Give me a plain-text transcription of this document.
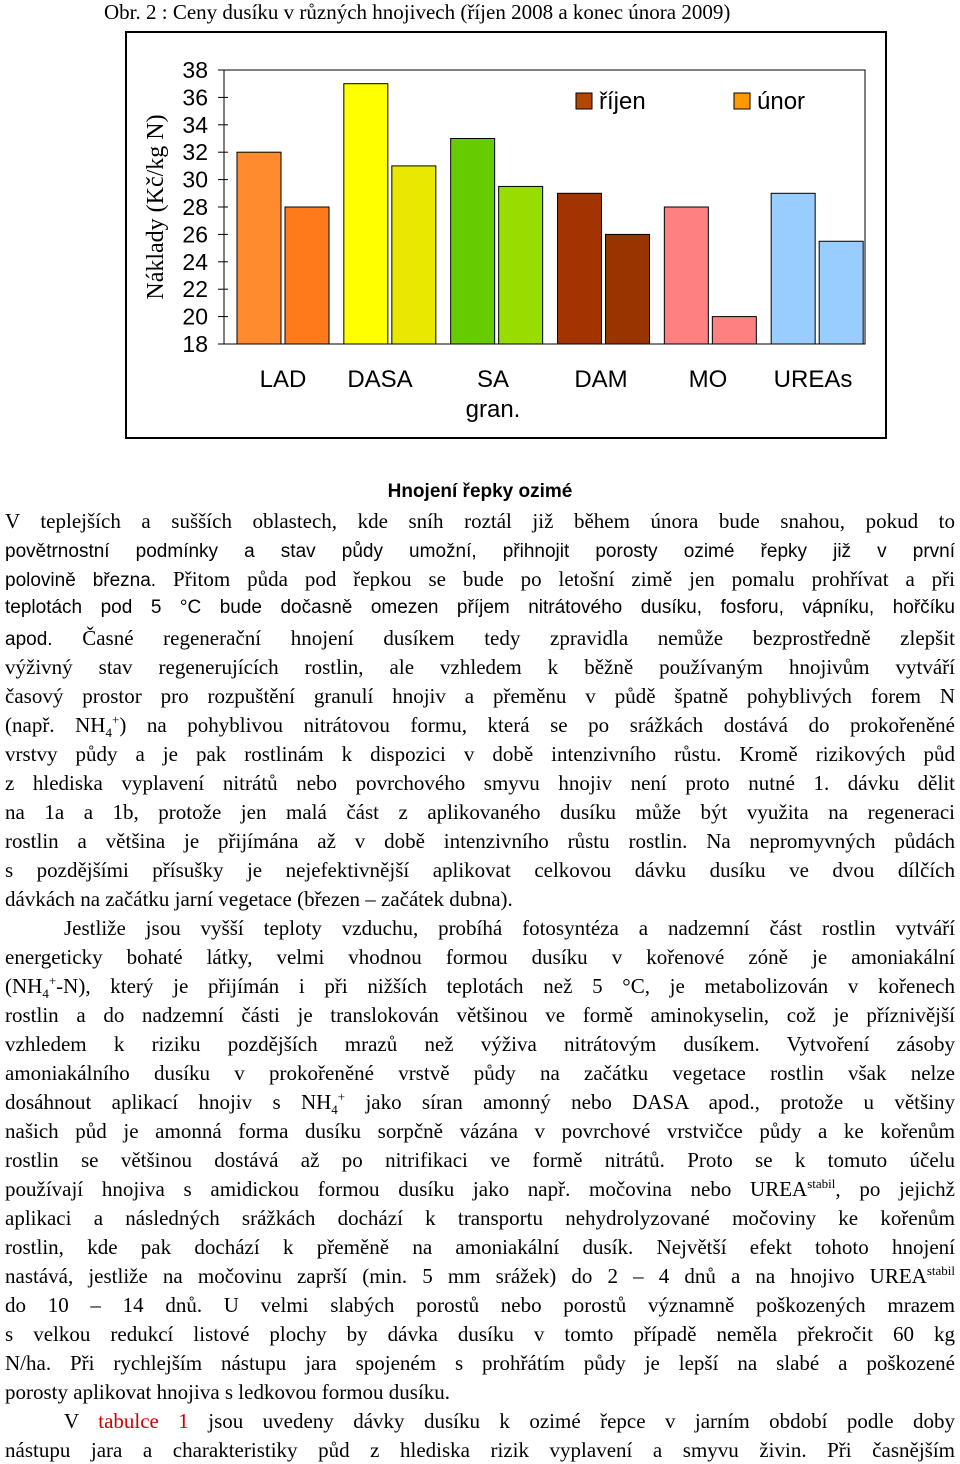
Obr. 2 : Ceny dusíku v různých hnojivech (říjen 2008 a konec února 2009)
38
36
34
32
30
28
26
24
22
20
18
Náklady (Kč/kg N)
LAD DASA	SA gran.
DAM	MO UREAs
říjen	únor
Hnojení řepky ozimé
V teplejších a sušších oblastech, kde sníh roztál již během února bude snahou, pokud to
povětrnostní podmínky a stav půdy umožní, přihnojit porosty ozimé řepky již v první
polovině března. Přitom půda pod řepkou se bude po letošní zimě jen pomalu prohřívat a při
teplotách pod 5 °C bude dočasně omezen příjem nitrátového dusíku, fosforu, vápníku, hořčíku
apod. Časné regenerační hnojení dusíkem tedy zpravidla nemůže bezprostředně zlepšit
výživný stav regenerujících rostlin, ale vzhledem k běžně používaným hnojivům vytváří
časový prostor pro rozpuštění granulí hnojiv a přeměnu v půdě špatně pohyblivých forem N
(např. $NH_4^+$) na pohyblivou nitrátovou formu, která se po srážkách dostává do prokořeněné
vrstvy půdy a je pak rostlinám k dispozici v době intenzivního růstu. Kromě rizikových půd
z hlediska vyplavení nitrátů nebo povrchového smyvu hnojiv není proto nutné 1. dávku dělit
na 1a a 1b, protože jen malá část z aplikovaného dusíku může být využita na regeneraci
rostlin a většina je přijímána až v době intenzivního růstu rostlin. Na nepromyvných půdách
s pozdějšími přísušky je nejefektivnější aplikovat celkovou dávku dusíku ve dvou dílčích
dávkách na začátku jarní vegetace (březen – začátek dubna).
Jestliže jsou vyšší teploty vzduchu, probíhá fotosyntéza a nadzemní část rostlin vytváří
energeticky bohaté látky, velmi vhodnou formou dusíku v kořenové zóně je amoniakální
$(NH_4^+-N)$, který je přijímán i při nižších teplotách než 5 °C, je metabolizován v kořenech
rostlin a do nadzemní části je translokován většinou ve formě aminokyselin, což je příznivější
vzhledem k riziku pozdějších mrazů než výživa nitrátovým dusíkem. Vytvoření zásoby
amoniakálního dusíku v prokořeněné vrstvě půdy na začátku vegetace rostlin však nelze
dosáhnout aplikací hnojiv s $NH_4^+$ jako síran amonný nebo DASA apod., protože u většiny
našich půd je amonná forma dusíku sorpčně vázána v povrchové vrstvičce půdy a ke kořenům
rostlin se většinou dostává až po nitrifikaci ve formě nitrátů. Proto se k tomuto účelu
používají hnojiva s amidickou formou dusíku jako např. močovina nebo $UREA^{stabil}$, po jejichž
aplikaci a následných srážkách dochází k transportu nehydrolyzované močoviny ke kořenům
rostlin, kde pak dochází k přeměně na amoniakální dusík. Největší efekt tohoto hnojení
nastává, jestliže na močovinu zaprší (min. 5 mm srážek) do 2 – 4 dnů a na hnojivo $UREA^{stabil}$
do 10 – 14 dnů. U velmi slabých porostů nebo porostů významně poškozených mrazem
s velkou redukcí listové plochy by dávka dusíku v tomto případě neměla překročit 60 kg
N/ha. Při rychlejším nástupu jara spojeném s prohřátím půdy je lepší na slabé a poškozené
porosty aplikovat hnojiva s ledkovou formou dusíku.
V tabulce 1 jsou uvedeny dávky dusíku k ozimé řepce v jarním období podle doby
nástupu jara a charakteristiky půd z hlediska rizik vyplavení a smyvu živin. Při časnějším
